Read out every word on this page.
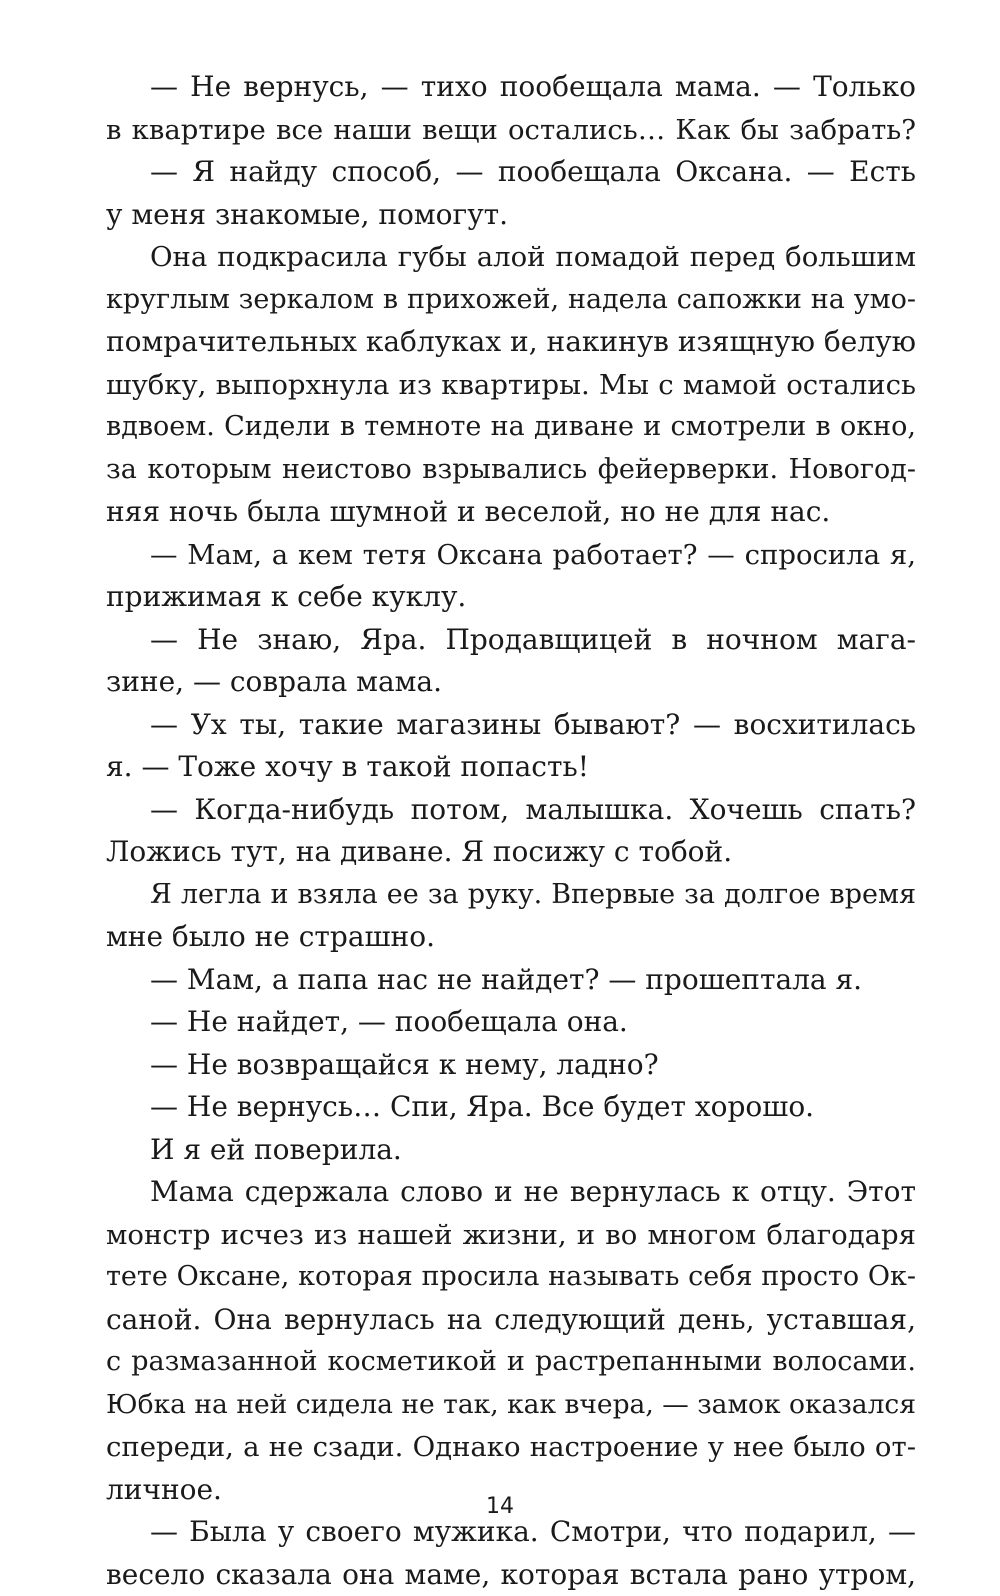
— Не вернусь, — тихо пообещала мама. — Только
в квартире все наши вещи остались… Как бы забрать?
— Я найду способ, — пообещала Оксана. — Есть
у меня знакомые, помогут.
Она подкрасила губы алой помадой перед большим
круглым зеркалом в прихожей, надела сапожки на умо-
помрачительных каблуках и, накинув изящную белую
шубку, выпорхнула из квартиры. Мы с мамой остались
вдвоем. Сидели в темноте на диване и смотрели в окно,
за которым неистово взрывались фейерверки. Новогод-
няя ночь была шумной и веселой, но не для нас.
— Мам, а кем тетя Оксана работает? — спросила я,
прижимая к себе куклу.
— Не знаю, Яра. Продавщицей в ночном мага-
зине, — соврала мама.
— Ух ты, такие магазины бывают? — восхитилась
я. — Тоже хочу в такой попасть!
— Когда-нибудь потом, малышка. Хочешь спать?
Ложись тут, на диване. Я посижу с тобой.
Я легла и взяла ее за руку. Впервые за долгое время
мне было не страшно.
— Мам, а папа нас не найдет? — прошептала я.
— Не найдет, — пообещала она.
— Не возвращайся к нему, ладно?
— Не вернусь… Спи, Яра. Все будет хорошо.
И я ей поверила.
Мама сдержала слово и не вернулась к отцу. Этот
монстр исчез из нашей жизни, и во многом благодаря
тете Оксане, которая просила называть себя просто Ок-
саной. Она вернулась на следующий день, уставшая,
с размазанной косметикой и растрепанными волосами.
Юбка на ней сидела не так, как вчера, — замок оказался
спереди, а не сзади. Однако настроение у нее было от-
личное.
— Была у своего мужика. Смотри, что подарил, —
весело сказала она маме, которая встала рано утром,
14
